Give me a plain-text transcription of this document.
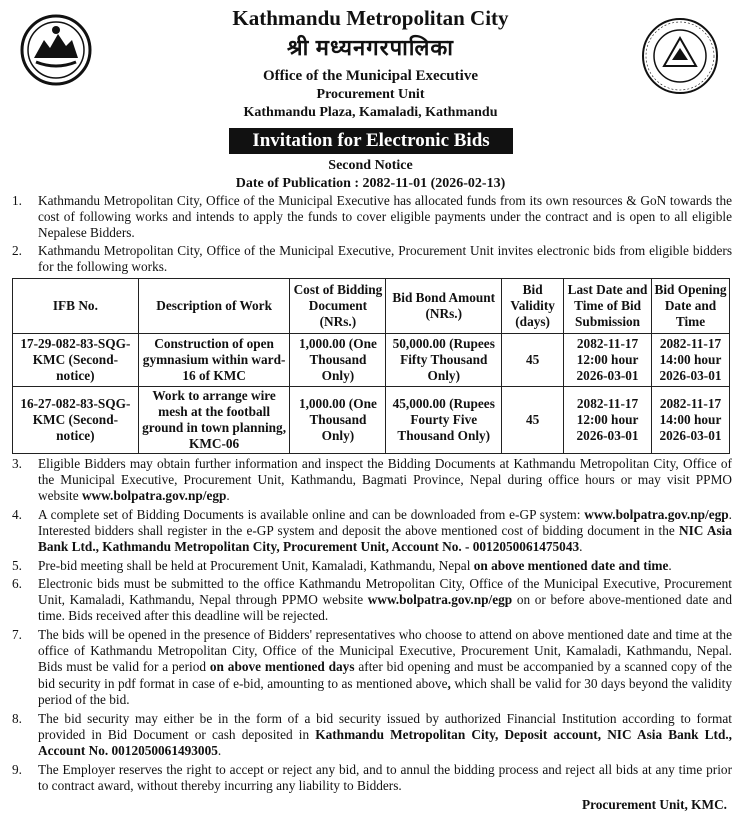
Kathmandu Metropolitan City
श्री मध्यनगरपालिका
Office of the Municipal Executive
Procurement Unit
Kathmandu Plaza, Kamaladi, Kathmandu
Invitation for Electronic Bids
Second Notice
Date of Publication : 2082-11-01 (2026-02-13)
1.	Kathmandu Metropolitan City, Office of the Municipal Executive has allocated funds from its own resources & GoN towards the cost of following works and intends to apply the funds to cover eligible payments under the contract and is open to all eligible Nepalese Bidders.
2.	Kathmandu Metropolitan City, Office of the Municipal Executive, Procurement Unit invites electronic bids from eligible bidders for the following works.
IFB No.	Description of Work	Cost of Bidding Document (NRs.)	Bid Bond Amount (NRs.)	Bid Validity (days)	Last Date and Time of Bid Submission	Bid Opening Date and Time
17-29-082-83-SQG-KMC (Second-notice)	Construction of open gymnasium within ward-16 of KMC	1,000.00 (One Thousand Only)	50,000.00 (Rupees Fifty Thousand Only)	45	2082-11-17 12:00 hour 2026-03-01	2082-11-17 14:00 hour 2026-03-01
16-27-082-83-SQG-KMC (Second-notice)	Work to arrange wire mesh at the football ground in town planning, KMC-06	1,000.00 (One Thousand Only)	45,000.00 (Rupees Fourty Five Thousand Only)	45	2082-11-17 12:00 hour 2026-03-01	2082-11-17 14:00 hour 2026-03-01
3.	Eligible Bidders may obtain further information and inspect the Bidding Documents at Kathmandu Metropolitan City, Office of the Municipal Executive, Procurement Unit, Kathmandu, Bagmati Province, Nepal during office hours or may visit PPMO website www.bolpatra.gov.np/egp.
4.	A complete set of Bidding Documents is available online and can be downloaded from e-GP system: www.bolpatra.gov.np/egp. Interested bidders shall register in the e-GP system and deposit the above mentioned cost of bidding document in the NIC Asia Bank Ltd., Kathmandu Metropolitan City, Procurement Unit, Account No. - 0012050061475043.
5.	Pre-bid meeting shall be held at Procurement Unit, Kamaladi, Kathmandu, Nepal on above mentioned date and time.
6.	Electronic bids must be submitted to the office Kathmandu Metropolitan City, Office of the Municipal Executive, Procurement Unit, Kamaladi, Kathmandu, Nepal through PPMO website www.bolpatra.gov.np/egp on or before above-mentioned date and time. Bids received after this deadline will be rejected.
7.	The bids will be opened in the presence of Bidders' representatives who choose to attend on above mentioned date and time at the office of Kathmandu Metropolitan City, Office of the Municipal Executive, Procurement Unit, Kamaladi, Kathmandu, Nepal. Bids must be valid for a period on above mentioned days after bid opening and must be accompanied by a scanned copy of the bid security in pdf format in case of e-bid, amounting to as mentioned above, which shall be valid for 30 days beyond the validity period of the bid.
8.	The bid security may either be in the form of a bid security issued by authorized Financial Institution according to format provided in Bid Document or cash deposited in Kathmandu Metropolitan City, Deposit account, NIC Asia Bank Ltd., Account No. 0012050061493005.
9.	The Employer reserves the right to accept or reject any bid, and to annul the bidding process and reject all bids at any time prior to contract award, without thereby incurring any liability to Bidders.
Procurement Unit, KMC.
